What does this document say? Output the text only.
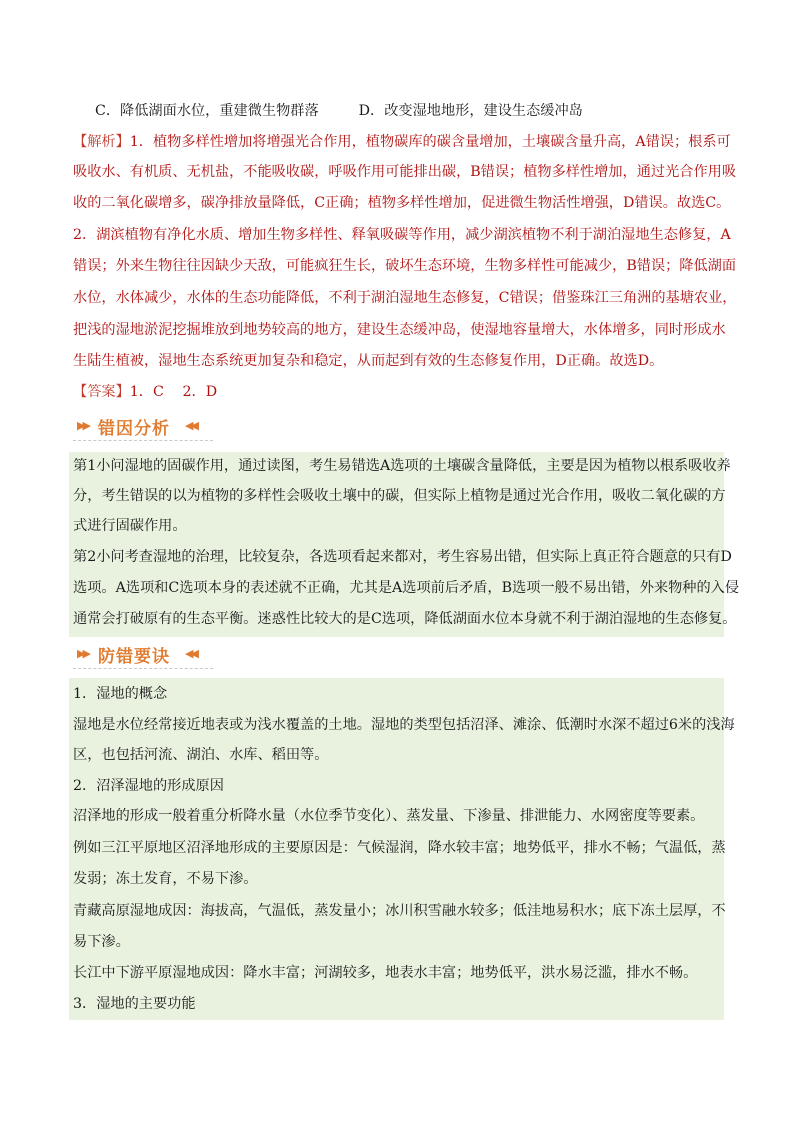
C．降低湖面水位，重建微生物群落	D．改变湿地地形，建设生态缓冲岛
【解析】1．植物多样性增加将增强光合作用，植物碳库的碳含量增加，土壤碳含量升高，A错误；根系可
吸收水、有机质、无机盐，不能吸收碳，呼吸作用可能排出碳，B错误；植物多样性增加，通过光合作用吸
收的二氧化碳增多，碳净排放量降低，C正确；植物多样性增加，促进微生物活性增强，D错误。故选C。
2．湖滨植物有净化水质、增加生物多样性、释氧吸碳等作用，减少湖滨植物不利于湖泊湿地生态修复，A
错误；外来生物往往因缺少天敌，可能疯狂生长，破坏生态环境，生物多样性可能减少，B错误；降低湖面
水位，水体减少，水体的生态功能降低，不利于湖泊湿地生态修复，C错误；借鉴珠江三角洲的基塘农业，
把浅的湿地淤泥挖掘堆放到地势较高的地方，建设生态缓冲岛，使湿地容量增大，水体增多，同时形成水
生陆生植被，湿地生态系统更加复杂和稳定，从而起到有效的生态修复作用，D正确。故选D。
【答案】1．C　 2．D
▶▶ 错因分析 ◀◀
第1小问湿地的固碳作用，通过读图，考生易错选A选项的土壤碳含量降低，主要是因为植物以根系吸收养
分，考生错误的以为植物的多样性会吸收土壤中的碳，但实际上植物是通过光合作用，吸收二氧化碳的方
式进行固碳作用。
第2小问考查湿地的治理，比较复杂，各选项看起来都对，考生容易出错，但实际上真正符合题意的只有D
选项。A选项和C选项本身的表述就不正确，尤其是A选项前后矛盾，B选项一般不易出错，外来物种的入侵
通常会打破原有的生态平衡。迷惑性比较大的是C选项，降低湖面水位本身就不利于湖泊湿地的生态修复。
▶▶ 防错要诀 ◀◀
1．湿地的概念
湿地是水位经常接近地表或为浅水覆盖的土地。湿地的类型包括沼泽、滩涂、低潮时水深不超过6米的浅海
区，也包括河流、湖泊、水库、稻田等。
2．沼泽湿地的形成原因
沼泽地的形成一般着重分析降水量（水位季节变化）、蒸发量、下渗量、排泄能力、水网密度等要素。
例如三江平原地区沼泽地形成的主要原因是：气候湿润，降水较丰富；地势低平，排水不畅；气温低，蒸
发弱；冻土发育，不易下渗。
青藏高原湿地成因：海拔高，气温低，蒸发量小；冰川积雪融水较多；低洼地易积水；底下冻土层厚，不
易下渗。
长江中下游平原湿地成因：降水丰富；河湖较多，地表水丰富；地势低平，洪水易泛滥，排水不畅。
3．湿地的主要功能
